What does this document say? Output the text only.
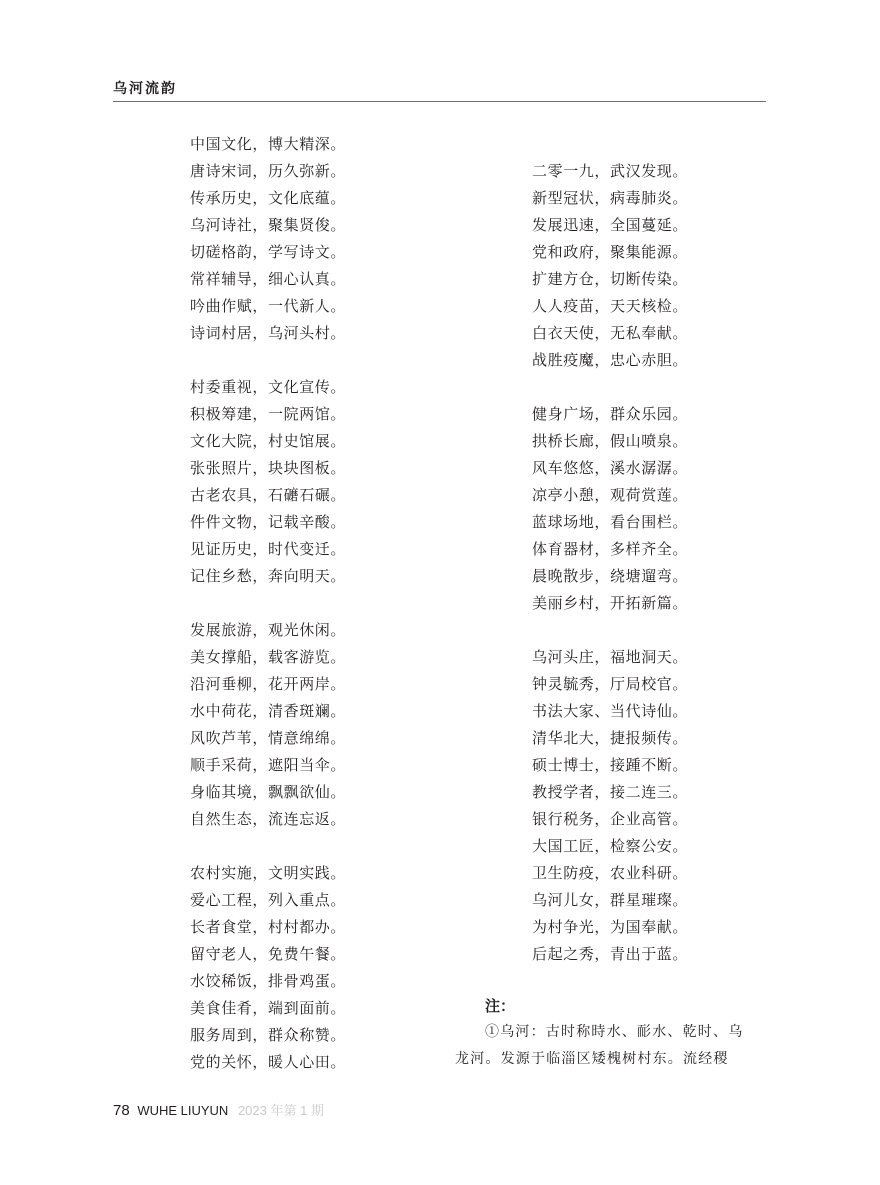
乌河流韵
中国文化，博大精深。
唐诗宋词，历久弥新。
传承历史，文化底蕴。
乌河诗社，聚集贤俊。
切磋格韵，学写诗文。
常祥辅导，细心认真。
吟曲作赋，一代新人。
诗词村居，乌河头村。
村委重视，文化宣传。
积极筹建，一院两馆。
文化大院，村史馆展。
张张照片，块块图板。
古老农具，石礳石碾。
件件文物，记载辛酸。
见证历史，时代变迁。
记住乡愁，奔向明天。
发展旅游，观光休闲。
美女撑船，载客游览。
沿河垂柳，花开两岸。
水中荷花，清香斑斓。
风吹芦苇，情意绵绵。
顺手采荷，遮阳当伞。
身临其境，飘飘欲仙。
自然生态，流连忘返。
农村实施，文明实践。
爱心工程，列入重点。
长者食堂，村村都办。
留守老人，免费午餐。
水饺稀饭，排骨鸡蛋。
美食佳肴，端到面前。
服务周到，群众称赞。
党的关怀，暖人心田。
二零一九，武汉发现。
新型冠状，病毒肺炎。
发展迅速，全国蔓延。
党和政府，聚集能源。
扩建方仓，切断传染。
人人疫苗，天天核检。
白衣天使，无私奉献。
战胜疫魔，忠心赤胆。
健身广场，群众乐园。
拱桥长廊，假山喷泉。
风车悠悠，溪水潺潺。
凉亭小憩，观荷赏莲。
蓝球场地，看台围栏。
体育器材，多样齐全。
晨晚散步，绕塘遛弯。
美丽乡村，开拓新篇。
乌河头庄，福地洞天。
钟灵毓秀，厅局校官。
书法大家、当代诗仙。
清华北大，捷报频传。
硕士博士，接踵不断。
教授学者，接二连三。
银行税务，企业高管。
大国工匠，检察公安。
卫生防疫，农业科研。
乌河儿女，群星璀璨。
为村争光，为国奉献。
后起之秀，青出于蓝。
注：
①乌河：古时称時水、耏水、乾时、乌
龙河。发源于临淄区矮槐树村东。流经稷
78 WUHE LIUYUN 2023 年第 1 期
